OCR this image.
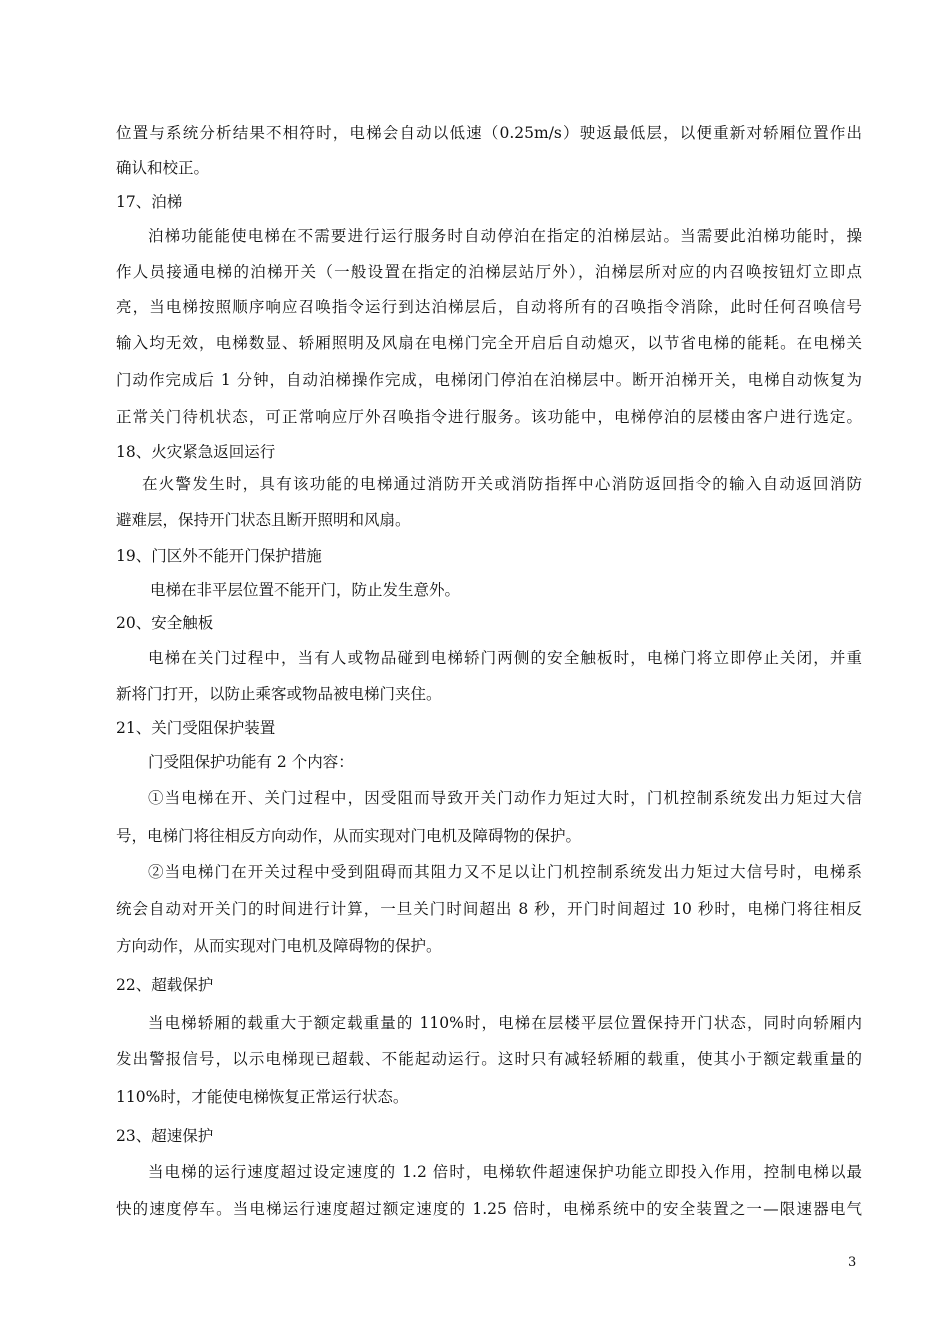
位置与系统分析结果不相符时，电梯会自动以低速（0.25m/s）驶返最低层，以便重新对轿厢位置作出
确认和校正。
17、泊梯
泊梯功能能使电梯在不需要进行运行服务时自动停泊在指定的泊梯层站。当需要此泊梯功能时，操
作人员接通电梯的泊梯开关（一般设置在指定的泊梯层站厅外），泊梯层所对应的内召唤按钮灯立即点
亮，当电梯按照顺序响应召唤指令运行到达泊梯层后，自动将所有的召唤指令消除，此时任何召唤信号
输入均无效，电梯数显、轿厢照明及风扇在电梯门完全开启后自动熄灭，以节省电梯的能耗。在电梯关
门动作完成后 1 分钟，自动泊梯操作完成，电梯闭门停泊在泊梯层中。断开泊梯开关，电梯自动恢复为
正常关门待机状态，可正常响应厅外召唤指令进行服务。该功能中，电梯停泊的层楼由客户进行选定。
18、火灾紧急返回运行
在火警发生时，具有该功能的电梯通过消防开关或消防指挥中心消防返回指令的输入自动返回消防
避难层，保持开门状态且断开照明和风扇。
19、门区外不能开门保护措施
电梯在非平层位置不能开门，防止发生意外。
20、安全触板
电梯在关门过程中，当有人或物品碰到电梯轿门两侧的安全触板时，电梯门将立即停止关闭，并重
新将门打开，以防止乘客或物品被电梯门夹住。
21、关门受阻保护装置
门受阻保护功能有 2 个内容：
①当电梯在开、关门过程中，因受阻而导致开关门动作力矩过大时，门机控制系统发出力矩过大信
号，电梯门将往相反方向动作，从而实现对门电机及障碍物的保护。
②当电梯门在开关过程中受到阻碍而其阻力又不足以让门机控制系统发出力矩过大信号时，电梯系
统会自动对开关门的时间进行计算，一旦关门时间超出 8 秒，开门时间超过 10 秒时，电梯门将往相反
方向动作，从而实现对门电机及障碍物的保护。
22、超载保护
当电梯轿厢的载重大于额定载重量的 110%时，电梯在层楼平层位置保持开门状态，同时向轿厢内
发出警报信号，以示电梯现已超载、不能起动运行。这时只有减轻轿厢的载重，使其小于额定载重量的
110%时，才能使电梯恢复正常运行状态。
23、超速保护
当电梯的运行速度超过设定速度的 1.2 倍时，电梯软件超速保护功能立即投入作用，控制电梯以最
快的速度停车。当电梯运行速度超过额定速度的 1.25 倍时，电梯系统中的安全装置之一—限速器电气
3
